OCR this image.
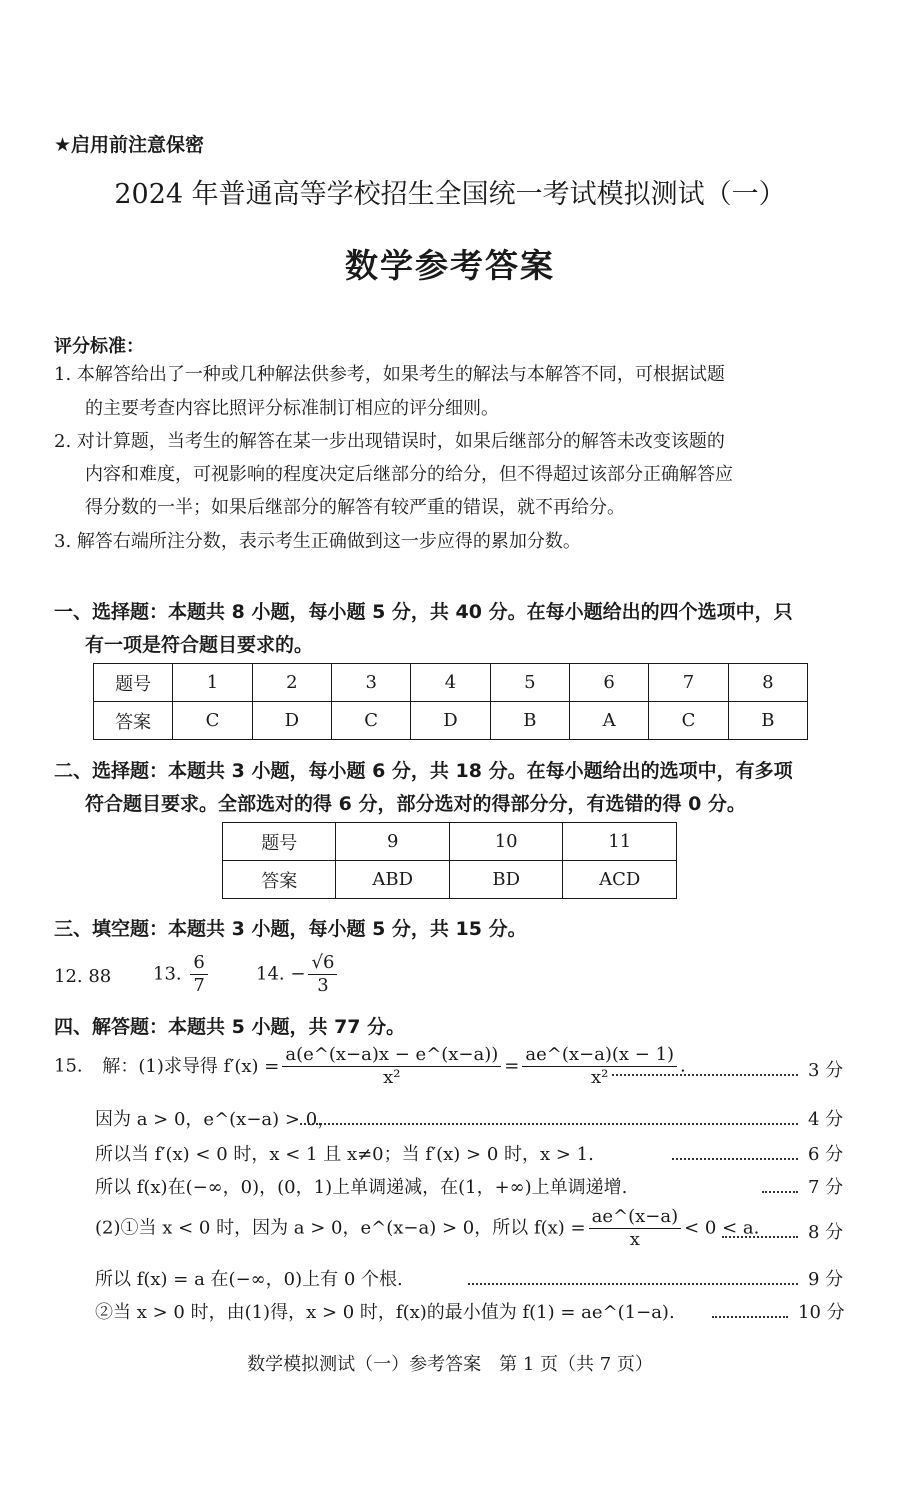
★启用前注意保密
2024 年普通高等学校招生全国统一考试模拟测试（一）
数学参考答案
评分标准：
1. 本解答给出了一种或几种解法供参考，如果考生的解法与本解答不同，可根据试题
的主要考查内容比照评分标准制订相应的评分细则。
2. 对计算题，当考生的解答在某一步出现错误时，如果后继部分的解答未改变该题的
内容和难度，可视影响的程度决定后继部分的给分，但不得超过该部分正确解答应
得分数的一半；如果后继部分的解答有较严重的错误，就不再给分。
3. 解答右端所注分数，表示考生正确做到这一步应得的累加分数。
一、选择题：本题共 8 小题，每小题 5 分，共 40 分。在每小题给出的四个选项中，只
有一项是符合题目要求的。
题号	1	2	3	4	5	6	7	8
答案	C	D	C	D	B	A	C	B
二、选择题：本题共 3 小题，每小题 6 分，共 18 分。在每小题给出的选项中，有多项
符合题目要求。全部选对的得 6 分，部分选对的得部分分，有选错的得 0 分。
题号	9	10	11
答案	ABD	BD	ACD
三、填空题：本题共 3 小题，每小题 5 分，共 15 分。
12. 88 13. $\frac{6}{7}$	14. − $\frac{√6}{3}$
四、解答题：本题共 5 小题，共 77 分。
15. 解：(1)求导得 $f'(x) = \frac{a(e\^{}(x-a)x - e\^{}(x-a))}{\text{x²}} = \frac{ae\^{}(x-a)(x - 1)}{\text{x²}}$ .	3 分
因为 a > 0，e^(x−a) > 0，	4 分
所以当 f′(x) < 0 时，x < 1 且 x≠0；当 f′(x) > 0 时，x > 1.	6 分
所以 f(x)在(−∞，0)，(0，1)上单调递减，在(1，+∞)上单调递增.	7 分
(2)①当 x < 0 时，因为 a > 0，e^(x−a) > 0，所以 $f(x) = \frac{ae\^{}(x-a)}{x} < 0 < a$.	8 分
所以 f(x) = a 在(−∞，0)上有 0 个根.	9 分
②当 x > 0 时，由(1)得，x > 0 时，f(x)的最小值为 f(1) = ae^(1−a).	10 分
数学模拟测试（一）参考答案　第 1 页（共 7 页）
